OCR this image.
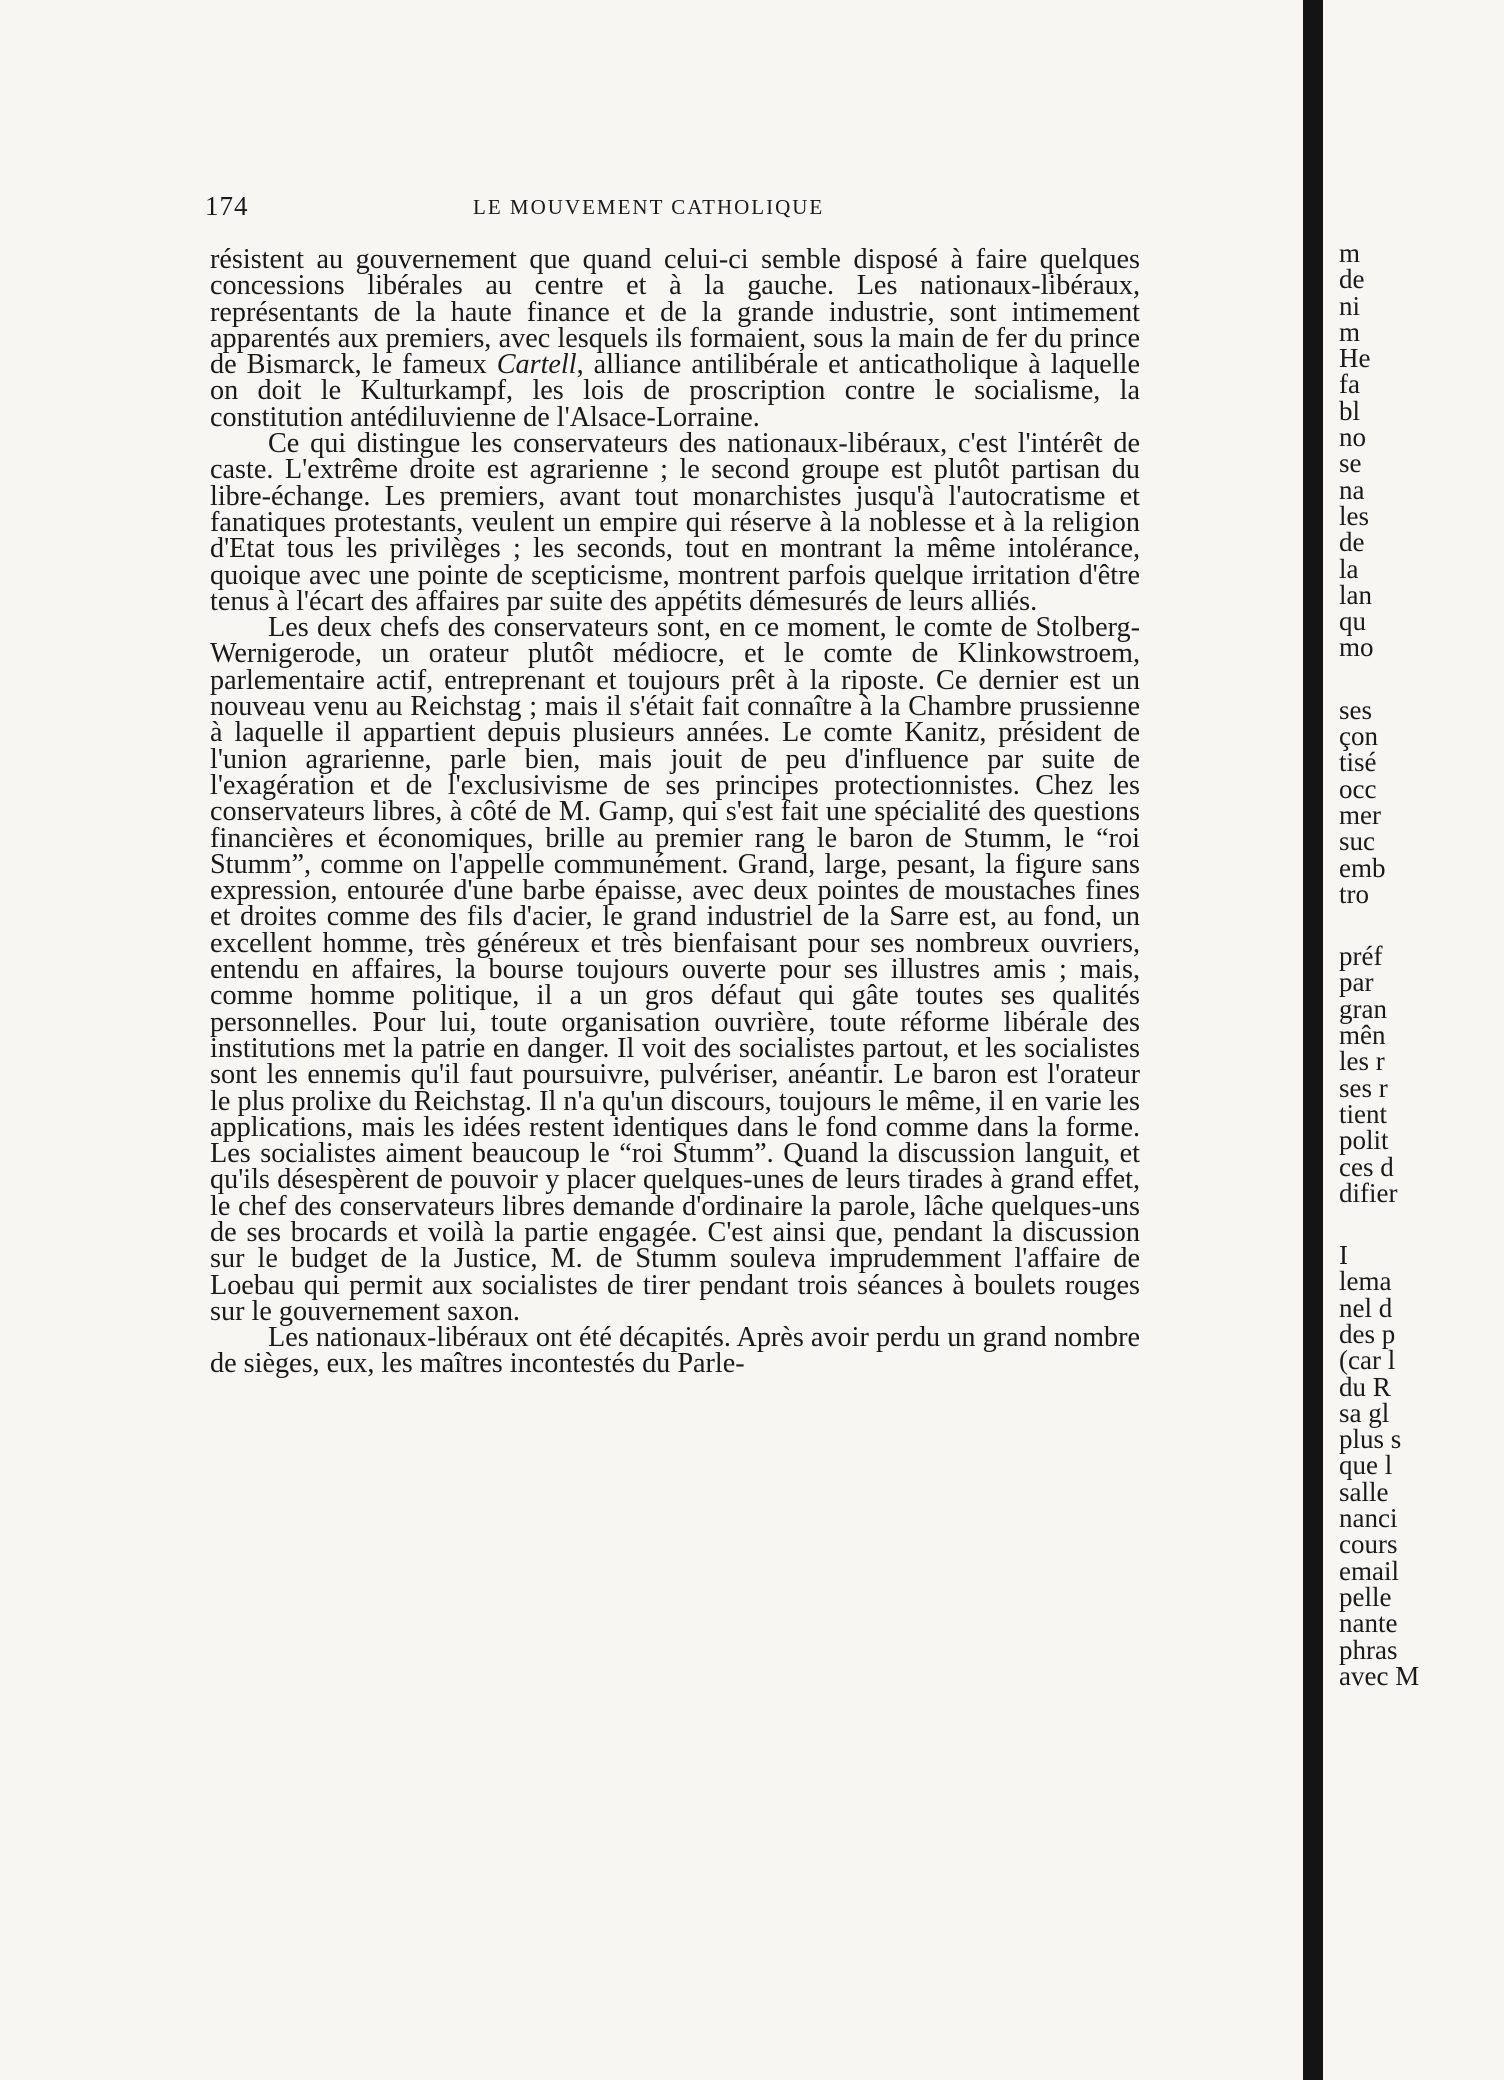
174	LE MOUVEMENT CATHOLIQUE

résistent au gouvernement que quand celui-ci semble disposé à faire quelques concessions libérales au centre et à la gauche. Les nationaux-libéraux, représentants de la haute finance et de la grande industrie, sont intimement apparentés aux premiers, avec lesquels ils formaient, sous la main de fer du prince de Bismarck, le fameux Cartell, alliance antilibérale et anticatholique à laquelle on doit le Kulturkampf, les lois de proscription contre le socialisme, la constitution antédiluvienne de l'Alsace-Lorraine.

Ce qui distingue les conservateurs des nationaux-libéraux, c'est l'intérêt de caste. L'extrême droite est agrarienne ; le second groupe est plutôt partisan du libre-échange. Les premiers, avant tout monarchistes jusqu'à l'autocratisme et fanatiques protestants, veulent un empire qui réserve à la noblesse et à la religion d'Etat tous les privilèges ; les seconds, tout en montrant la même intolérance, quoique avec une pointe de scepticisme, montrent parfois quelque irritation d'être tenus à l'écart des affaires par suite des appétits démesurés de leurs alliés.

Les deux chefs des conservateurs sont, en ce moment, le comte de Stolberg-Wernigerode, un orateur plutôt médiocre, et le comte de Klinkowstroem, parlementaire actif, entreprenant et toujours prêt à la riposte. Ce dernier est un nouveau venu au Reichstag ; mais il s'était fait connaître à la Chambre prussienne à laquelle il appartient depuis plusieurs années. Le comte Kanitz, président de l'union agrarienne, parle bien, mais jouit de peu d'influence par suite de l'exagération et de l'exclusivisme de ses principes protectionnistes. Chez les conservateurs libres, à côté de M. Gamp, qui s'est fait une spécialité des questions financières et économiques, brille au premier rang le baron de Stumm, le “roi Stumm”, comme on l'appelle communément. Grand, large, pesant, la figure sans expression, entourée d'une barbe épaisse, avec deux pointes de moustaches fines et droites comme des fils d'acier, le grand industriel de la Sarre est, au fond, un excellent homme, très généreux et très bienfaisant pour ses nombreux ouvriers, entendu en affaires, la bourse toujours ouverte pour ses illustres amis ; mais, comme homme politique, il a un gros défaut qui gâte toutes ses qualités personnelles. Pour lui, toute organisation ouvrière, toute réforme libérale des institutions met la patrie en danger. Il voit des socialistes partout, et les socialistes sont les ennemis qu'il faut poursuivre, pulvériser, anéantir. Le baron est l'orateur le plus prolixe du Reichstag. Il n'a qu'un discours, toujours le même, il en varie les applications, mais les idées restent identiques dans le fond comme dans la forme. Les socialistes aiment beaucoup le “roi Stumm”. Quand la discussion languit, et qu'ils désespèrent de pouvoir y placer quelques-unes de leurs tirades à grand effet, le chef des conservateurs libres demande d'ordinaire la parole, lâche quelques-uns de ses brocards et voilà la partie engagée. C'est ainsi que, pendant la discussion sur le budget de la Justice, M. de Stumm souleva imprudemment l'affaire de Loebau qui permit aux socialistes de tirer pendant trois séances à boulets rouges sur le gouvernement saxon.

Les nationaux-libéraux ont été décapités. Après avoir perdu un grand nombre de sièges, eux, les maîtres incontestés du Parle-

m
de
ni
m
He
fa
bl
no
se
na
les
de
la
lan
qu
mo
ses
çon
tisé
occ
mer
suc
emb
tro
préf
par
gran
mên
les r
ses r
tient
polit
ces d
difier
I
lema
nel d
des p
(car l
du R
sa gl
plus s
que l
salle
nanci
cours
email
pelle
nante
phras
avec M
